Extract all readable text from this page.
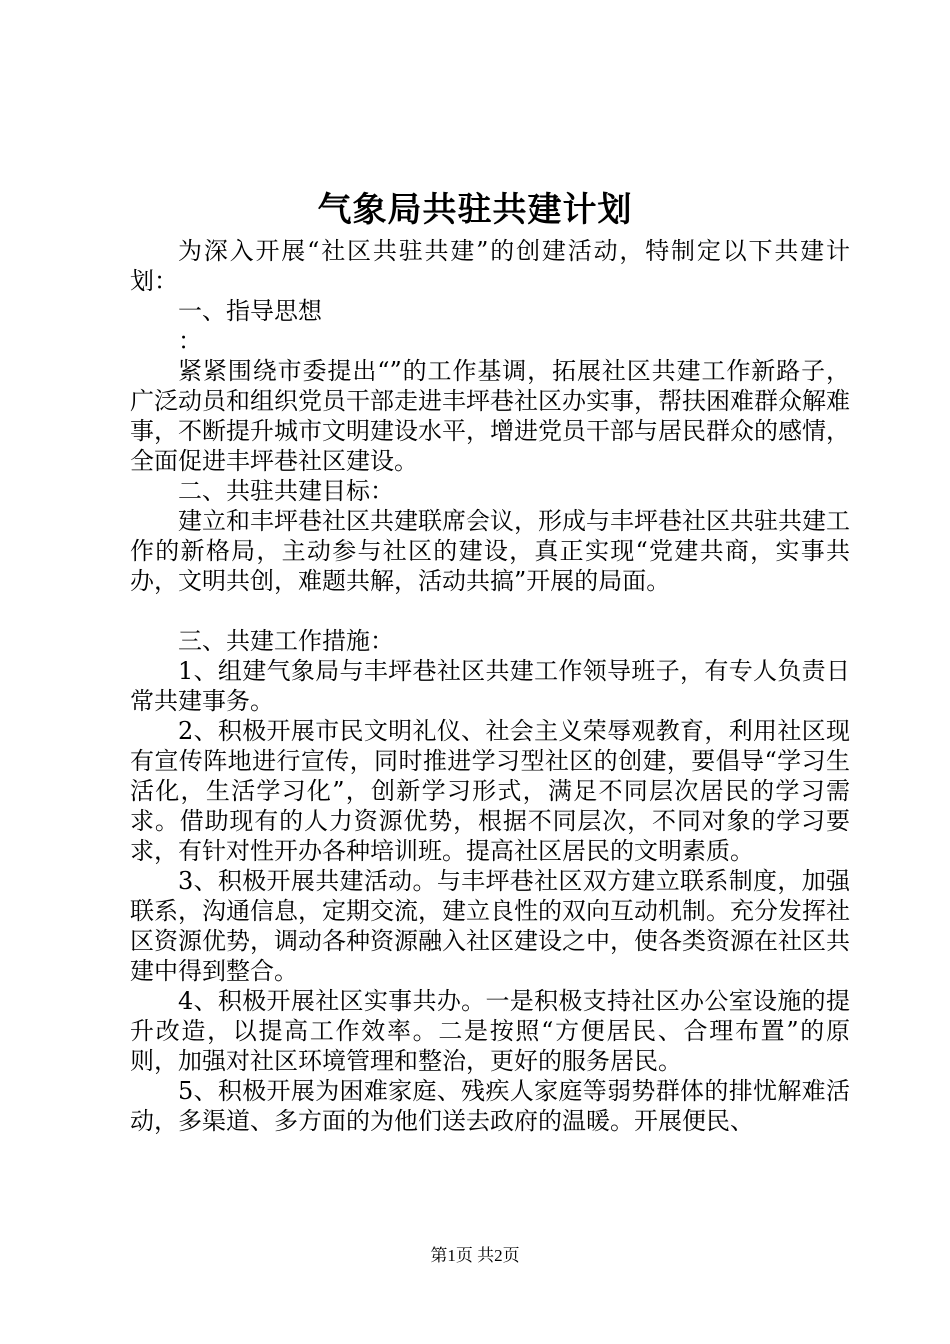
气象局共驻共建计划

为深入开展“社区共驻共建”的创建活动，特制定以下共建计划：

一、指导思想

：

紧紧围绕市委提出“”的工作基调，拓展社区共建工作新路子，广泛动员和组织党员干部走进丰坪巷社区办实事，帮扶困难群众解难事，不断提升城市文明建设水平，增进党员干部与居民群众的感情，全面促进丰坪巷社区建设。

二、共驻共建目标：

建立和丰坪巷社区共建联席会议，形成与丰坪巷社区共驻共建工作的新格局，主动参与社区的建设，真正实现“党建共商，实事共办，文明共创，难题共解，活动共搞”开展的局面。

三、共建工作措施：

1、组建气象局与丰坪巷社区共建工作领导班子，有专人负责日常共建事务。

2、积极开展市民文明礼仪、社会主义荣辱观教育，利用社区现有宣传阵地进行宣传，同时推进学习型社区的创建，要倡导“学习生活化，生活学习化”，创新学习形式，满足不同层次居民的学习需求。借助现有的人力资源优势，根据不同层次，不同对象的学习要求，有针对性开办各种培训班。提高社区居民的文明素质。

3、积极开展共建活动。与丰坪巷社区双方建立联系制度，加强联系，沟通信息，定期交流，建立良性的双向互动机制。充分发挥社区资源优势，调动各种资源融入社区建设之中，使各类资源在社区共建中得到整合。

4、积极开展社区实事共办。一是积极支持社区办公室设施的提升改造，以提高工作效率。二是按照“方便居民、合理布置”的原则，加强对社区环境管理和整治，更好的服务居民。

5、积极开展为困难家庭、残疾人家庭等弱势群体的排忧解难活动，多渠道、多方面的为他们送去政府的温暖。开展便民、

第1页 共2页
